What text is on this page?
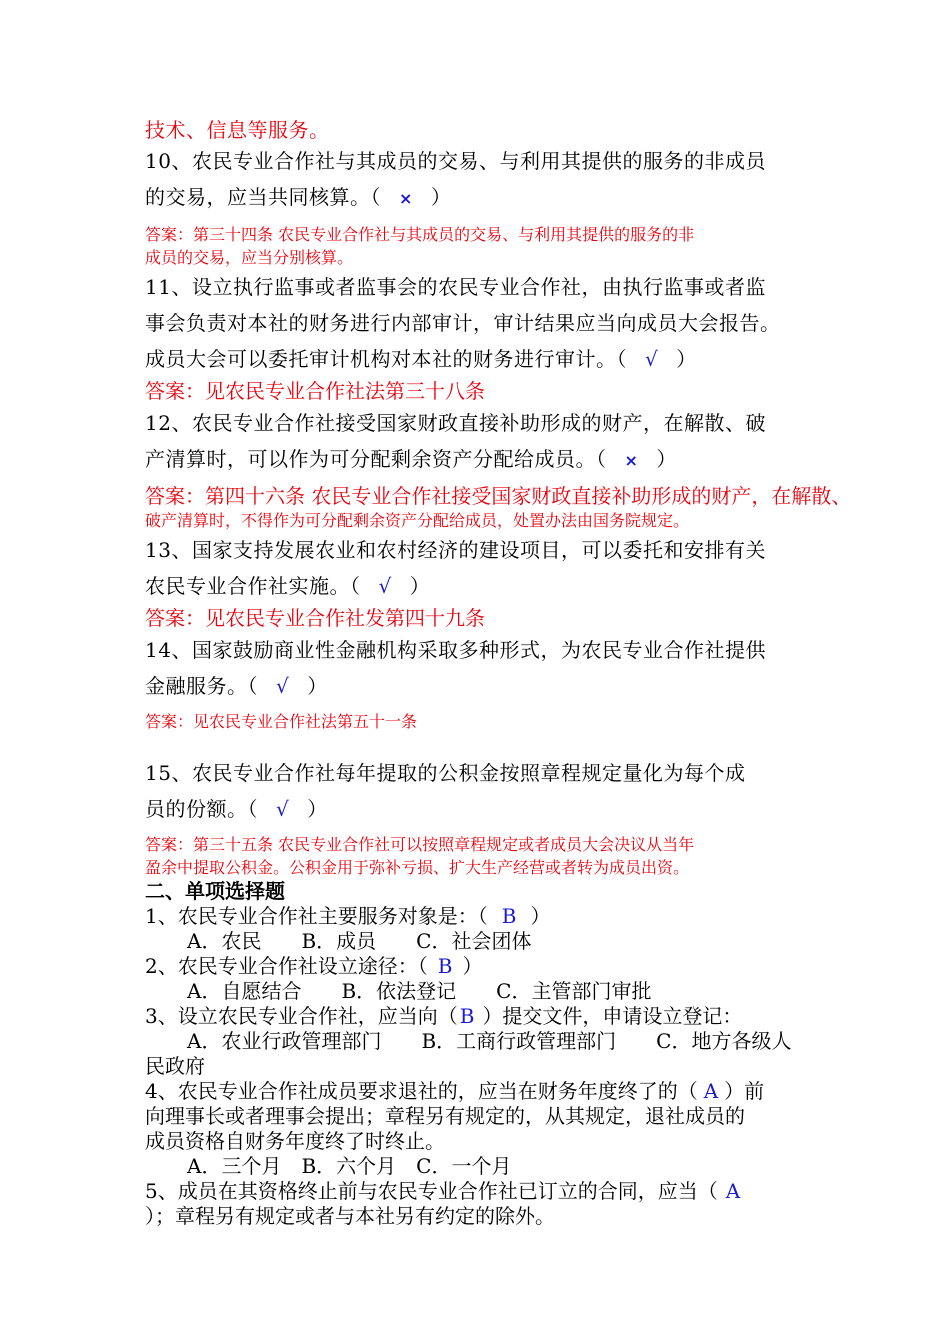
技术、信息等服务。
10、农民专业合作社与其成员的交易、与利用其提供的服务的非成员
的交易，应当共同核算。（ × ）
答案：第三十四条 农民专业合作社与其成员的交易、与利用其提供的服务的非
成员的交易，应当分别核算。
11、设立执行监事或者监事会的农民专业合作社，由执行监事或者监
事会负责对本社的财务进行内部审计，审计结果应当向成员大会报告。
成员大会可以委托审计机构对本社的财务进行审计。（ √ ）
答案：见农民专业合作社法第三十八条
12、农民专业合作社接受国家财政直接补助形成的财产，在解散、破
产清算时，可以作为可分配剩余资产分配给成员。（ × ）
答案：第四十六条 农民专业合作社接受国家财政直接补助形成的财产，在解散、
破产清算时，不得作为可分配剩余资产分配给成员，处置办法由国务院规定。
13、国家支持发展农业和农村经济的建设项目，可以委托和安排有关
农民专业合作社实施。（ √ ）
答案：见农民专业合作社发第四十九条
14、国家鼓励商业性金融机构采取多种形式，为农民专业合作社提供
金融服务。（ √ ）
答案：见农民专业合作社法第五十一条
15、农民专业合作社每年提取的公积金按照章程规定量化为每个成
员的份额。（ √ ）
答案：第三十五条 农民专业合作社可以按照章程规定或者成员大会决议从当年
盈余中提取公积金。公积金用于弥补亏损、扩大生产经营或者转为成员出资。
二、单项选择题
1、农民专业合作社主要服务对象是：（ B ）
A．农民　　B．成员　　C．社会团体
2、农民专业合作社设立途径：（ B ）
A．自愿结合　　B．依法登记　　C．主管部门审批
3、设立农民专业合作社，应当向（ B ）提交文件，申请设立登记：
A．农业行政管理部门　　B．工商行政管理部门　　C．地方各级人
民政府
4、农民专业合作社成员要求退社的，应当在财务年度终了的（ A ）前
向理事长或者理事会提出；章程另有规定的，从其规定，退社成员的
成员资格自财务年度终了时终止。
A．三个月　B．六个月　C．一个月
5、成员在其资格终止前与农民专业合作社已订立的合同，应当（ A
）；章程另有规定或者与本社另有约定的除外。
